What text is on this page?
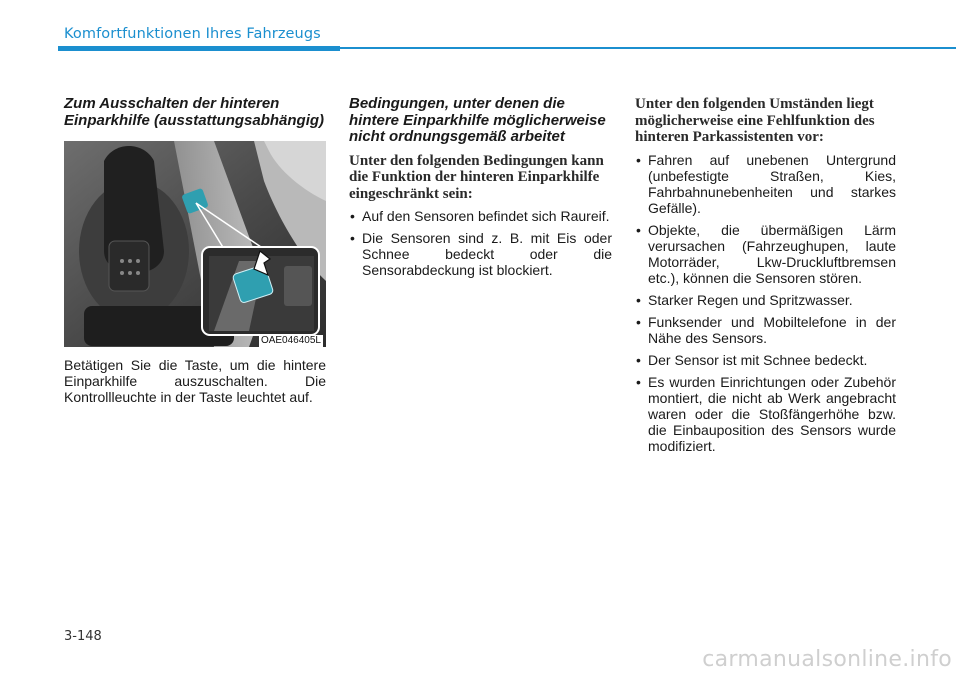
Komfortfunktionen Ihres Fahrzeugs
Zum Ausschalten der hinteren Einparkhilfe (ausstattungsabhängig)
OAE046405L

Betätigen Sie die Taste, um die hintere Einparkhilfe auszuschalten. Die Kontrollleuchte in der Taste leuchtet auf.

Bedingungen, unter denen die hintere Einparkhilfe möglicherweise nicht ordnungsgemäß arbeitet

Unter den folgenden Bedingungen kann die Funktion der hinteren Einparkhilfe eingeschränkt sein:

• Auf den Sensoren befindet sich Raureif.
• Die Sensoren sind z. B. mit Eis oder Schnee bedeckt oder die Sensorabdeckung ist blockiert.

Unter den folgenden Umständen liegt möglicherweise eine Fehlfunktion des hinteren Parkassistenten vor:

• Fahren auf unebenen Untergrund (unbefestigte Straßen, Kies, Fahrbahnunebenheiten und starkes Gefälle).
• Objekte, die übermäßigen Lärm verursachen (Fahrzeughupen, laute Motorräder, Lkw-Druckluftbremsen etc.), können die Sensoren stören.
• Starker Regen und Spritzwasser.
• Funksender und Mobiltelefone in der Nähe des Sensors.
• Der Sensor ist mit Schnee bedeckt.
• Es wurden Einrichtungen oder Zubehör montiert, die nicht ab Werk angebracht waren oder die Stoßfängerhöhe bzw. die Einbauposition des Sensors wurde modifiziert.
3-148
carmanualsonline.info
